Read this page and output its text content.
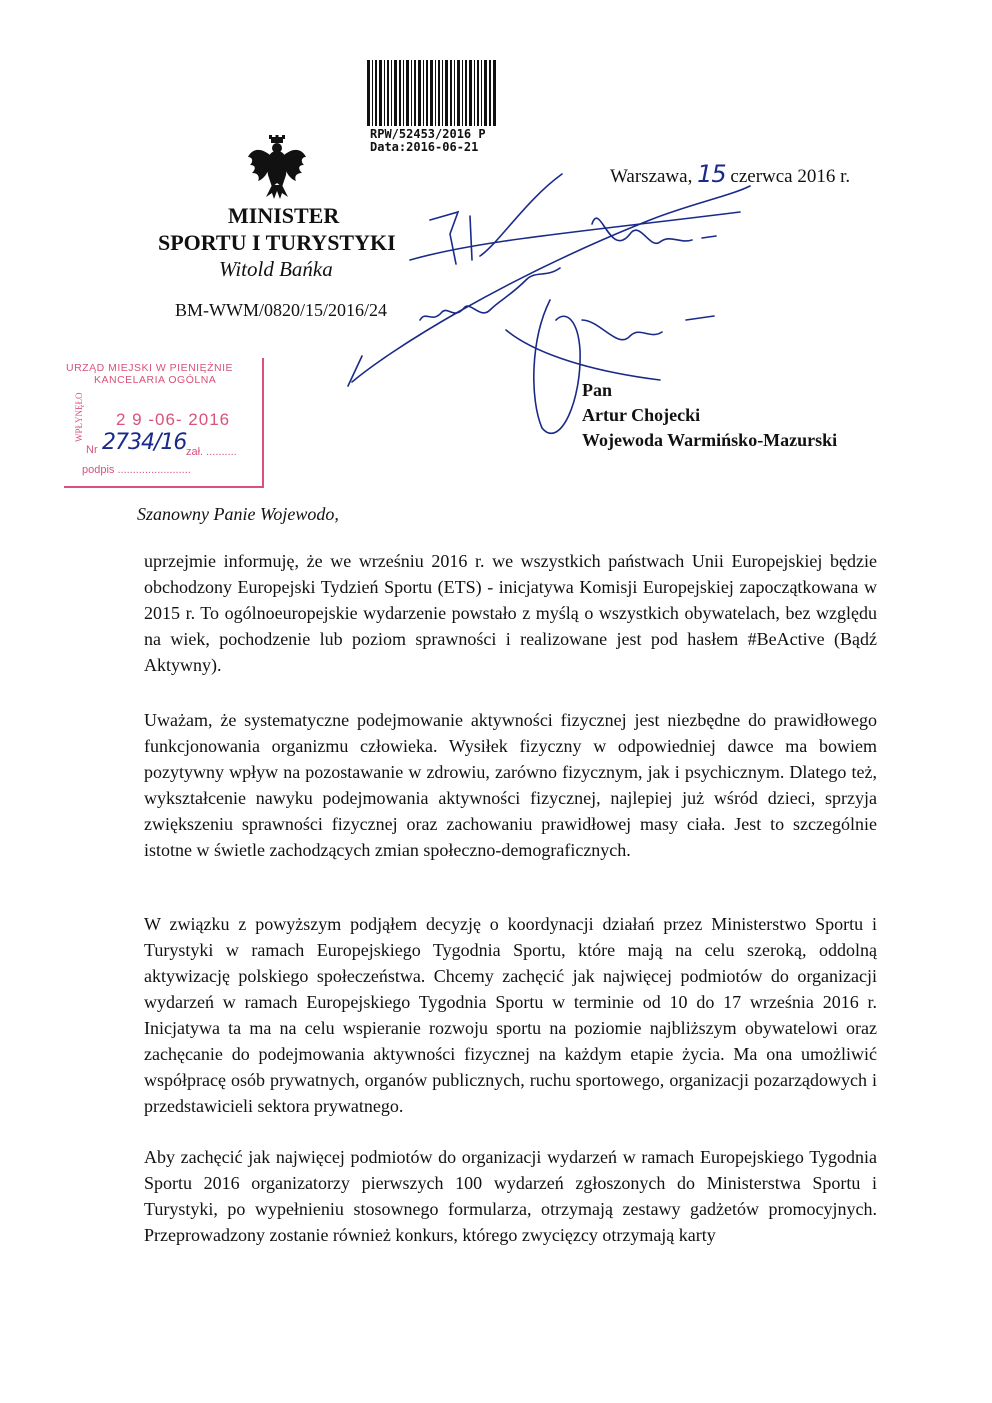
RPW/52453/2016 P
Data:2016-06-21
MINISTER
SPORTU I TURYSTYKI
Witold Bańka
Warszawa, 15 czerwca 2016 r.
BM-WWM/0820/15/2016/24
URZĄD MIEJSKI W PIENIĘŻNIE
KANCELARIA OGÓLNA
WPŁYNĘŁO 2 9 -06- 2016
Nr 2734/16 zał. ..........
podpis ........................
Pan
Artur Chojecki
Wojewoda Warmińsko-Mazurski
Szanowny Panie Wojewodo,
uprzejmie informuję, że we wrześniu 2016 r. we wszystkich państwach Unii Europejskiej będzie obchodzony Europejski Tydzień Sportu (ETS) - inicjatywa Komisji Europejskiej zapoczątkowana w 2015 r. To ogólnoeuropejskie wydarzenie powstało z myślą o wszystkich obywatelach, bez względu na wiek, pochodzenie lub poziom sprawności i realizowane jest pod hasłem #BeActive (Bądź Aktywny).
Uważam, że systematyczne podejmowanie aktywności fizycznej jest niezbędne do prawidłowego funkcjonowania organizmu człowieka. Wysiłek fizyczny w odpowiedniej dawce ma bowiem pozytywny wpływ na pozostawanie w zdrowiu, zarówno fizycznym, jak i psychicznym. Dlatego też, wykształcenie nawyku podejmowania aktywności fizycznej, najlepiej już wśród dzieci, sprzyja zwiększeniu sprawności fizycznej oraz zachowaniu prawidłowej masy ciała. Jest to szczególnie istotne w świetle zachodzących zmian społeczno-demograficznych.
W związku z powyższym podjąłem decyzję o koordynacji działań przez Ministerstwo Sportu i Turystyki w ramach Europejskiego Tygodnia Sportu, które mają na celu szeroką, oddolną aktywizację polskiego społeczeństwa. Chcemy zachęcić jak najwięcej podmiotów do organizacji wydarzeń w ramach Europejskiego Tygodnia Sportu w terminie od 10 do 17 września 2016 r. Inicjatywa ta ma na celu wspieranie rozwoju sportu na poziomie najbliższym obywatelowi oraz zachęcanie do podejmowania aktywności fizycznej na każdym etapie życia. Ma ona umożliwić współpracę osób prywatnych, organów publicznych, ruchu sportowego, organizacji pozarządowych i przedstawicieli sektora prywatnego.
Aby zachęcić jak najwięcej podmiotów do organizacji wydarzeń w ramach Europejskiego Tygodnia Sportu 2016 organizatorzy pierwszych 100 wydarzeń zgłoszonych do Ministerstwa Sportu i Turystyki, po wypełnieniu stosownego formularza, otrzymają zestawy gadżetów promocyjnych. Przeprowadzony zostanie również konkurs, którego zwycięzcy otrzymają karty
